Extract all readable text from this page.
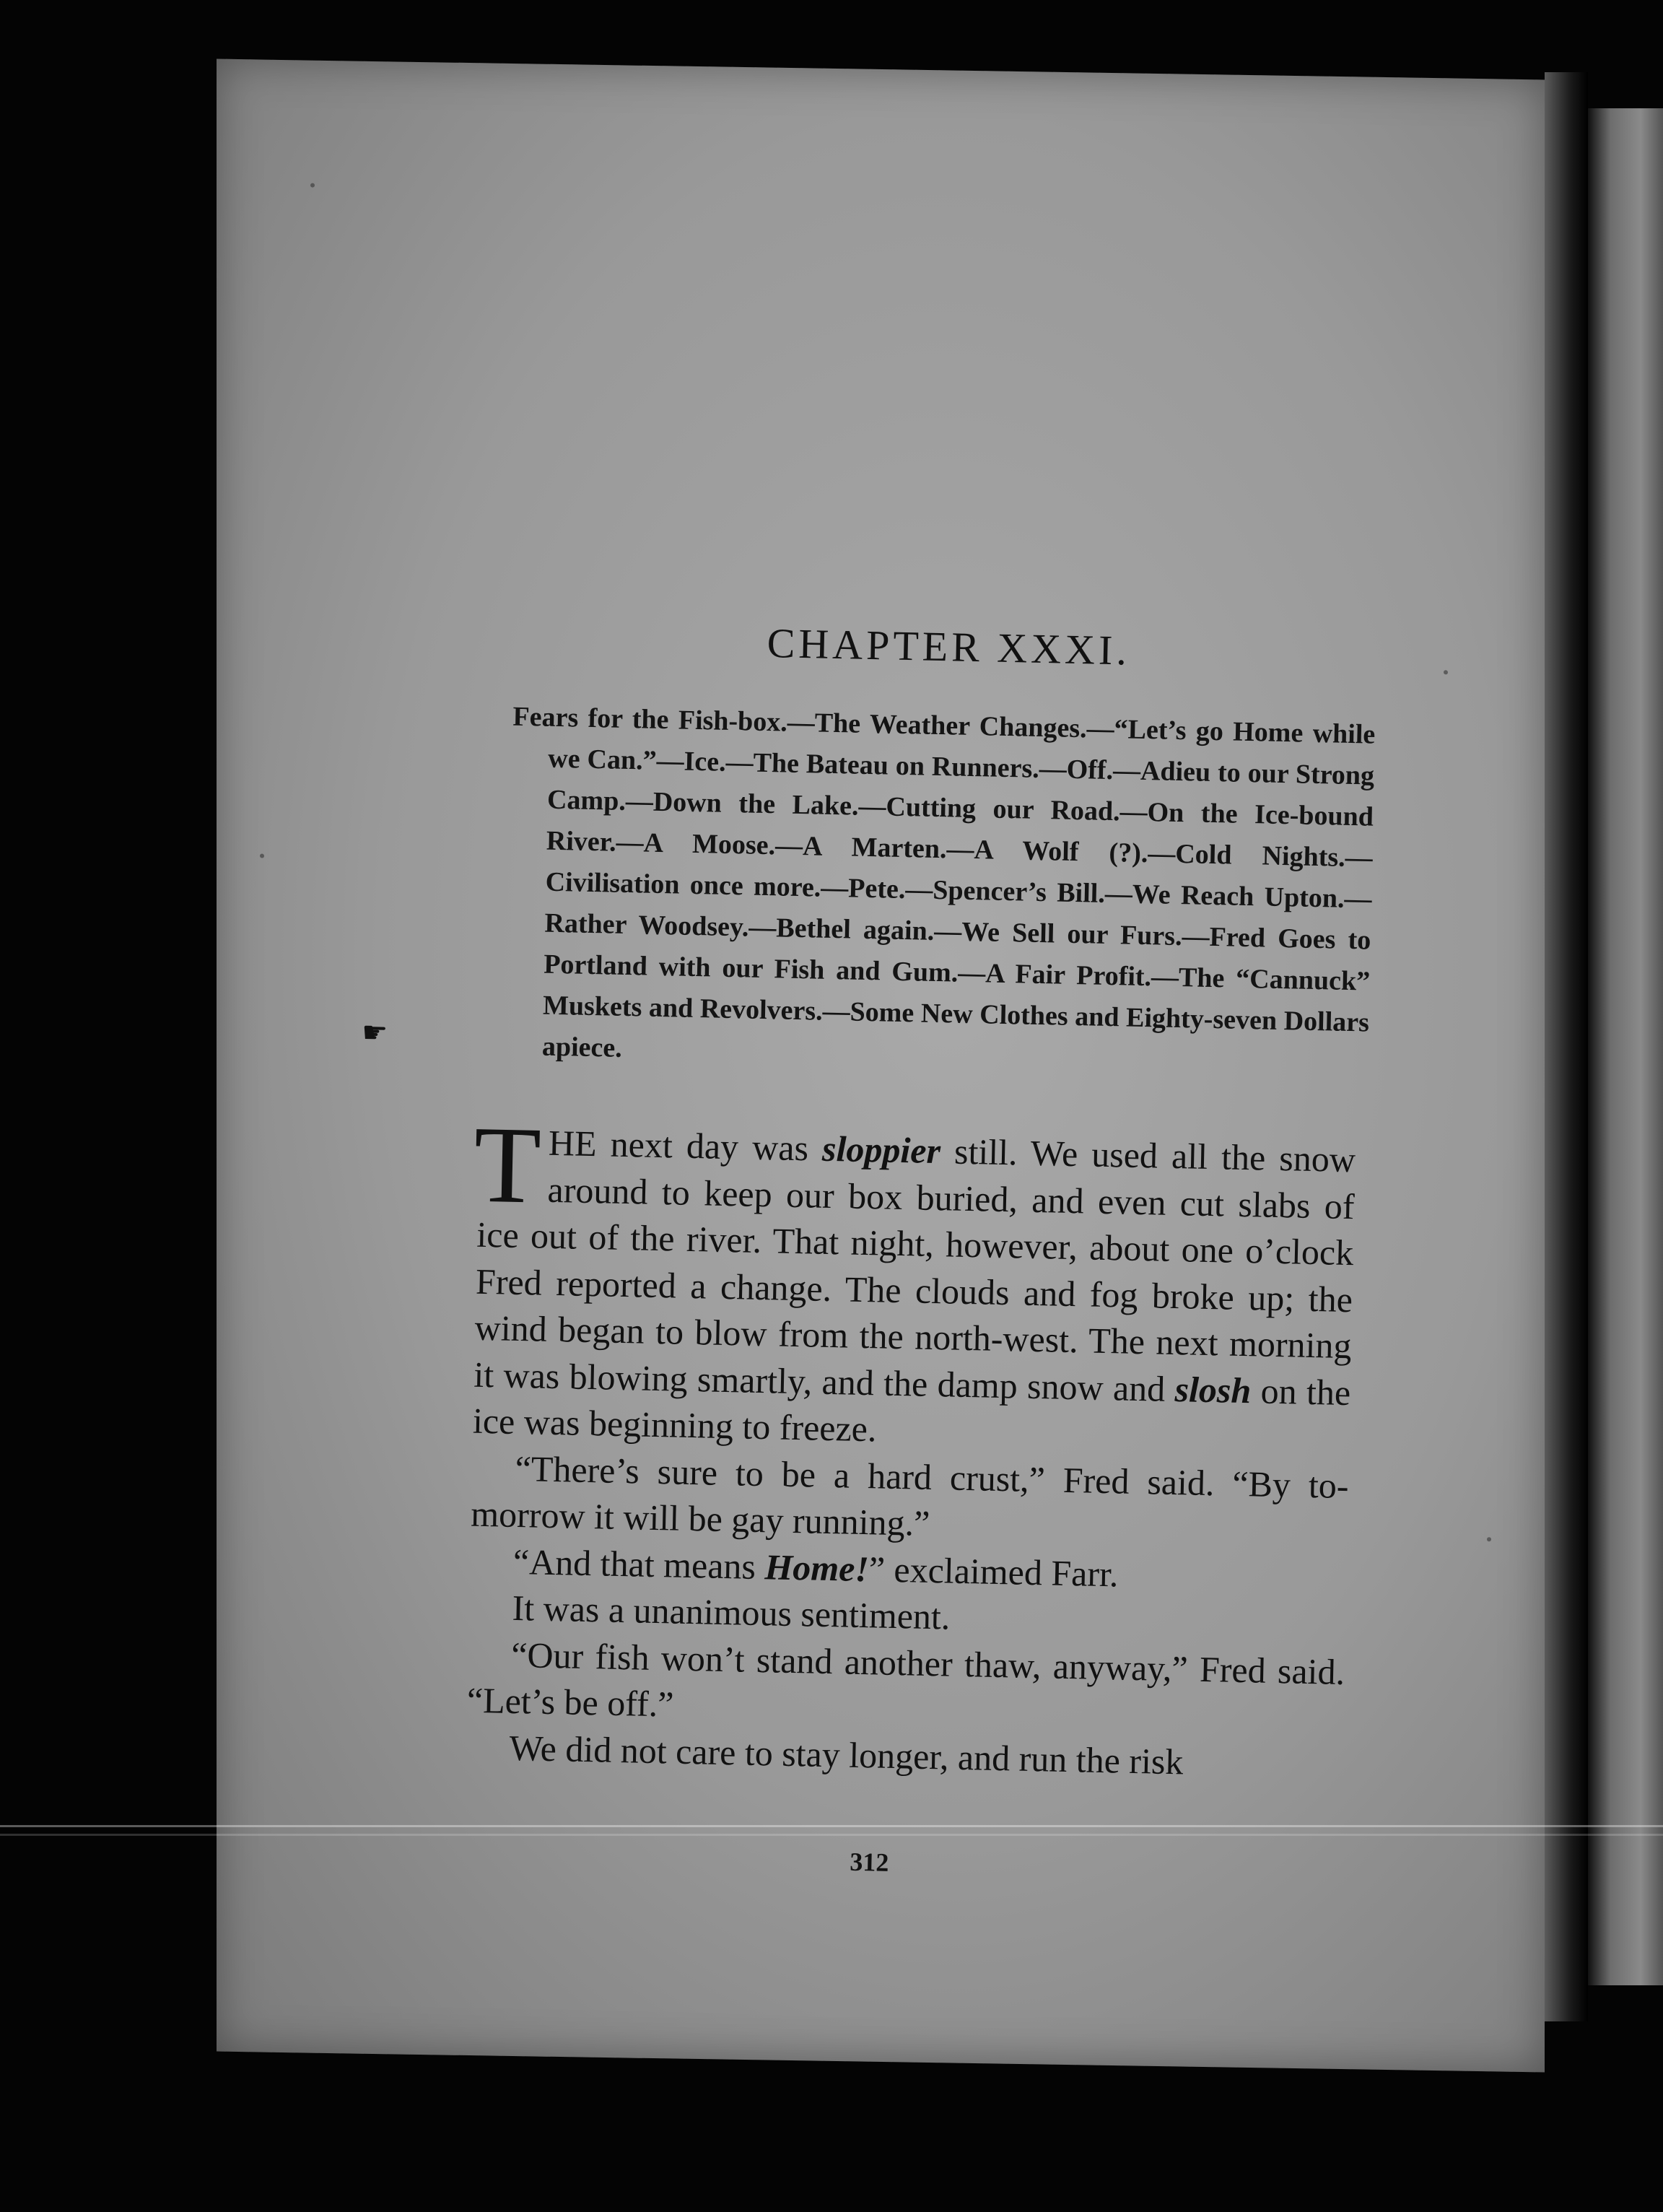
CHAPTER XXXI.
Fears for the Fish-box.—The Weather Changes.—“Let’s go Home while we Can.”—Ice.—The Bateau on Runners.—Off.—Adieu to our Strong Camp.—Down the Lake.—Cutting our Road.—On the Ice-bound River.—A Moose.—A Marten.—A Wolf (?).—Cold Nights.—Civilisation once more.—Pete.—Spencer’s Bill.—We Reach Upton.—Rather Woodsey.—Bethel again.—We Sell our Furs.—Fred Goes to Portland with our Fish and Gum.—A Fair Profit.—The “Cannuck” Muskets and Revolvers.—Some New Clothes and Eighty-seven Dollars apiece.
☛

THE next day was sloppier still. We used all the snow around to keep our box buried, and even cut slabs of ice out of the river. That night, however, about one o’clock Fred reported a change. The clouds and fog broke up; the wind began to blow from the north-west. The next morning it was blowing smartly, and the damp snow and slosh on the ice was beginning to freeze.

“There’s sure to be a hard crust,” Fred said. “By to-morrow it will be gay running.”

“And that means Home!” exclaimed Farr.

It was a unanimous sentiment.

“Our fish won’t stand another thaw, anyway,” Fred said. “Let’s be off.”

We did not care to stay longer, and run the risk

312
